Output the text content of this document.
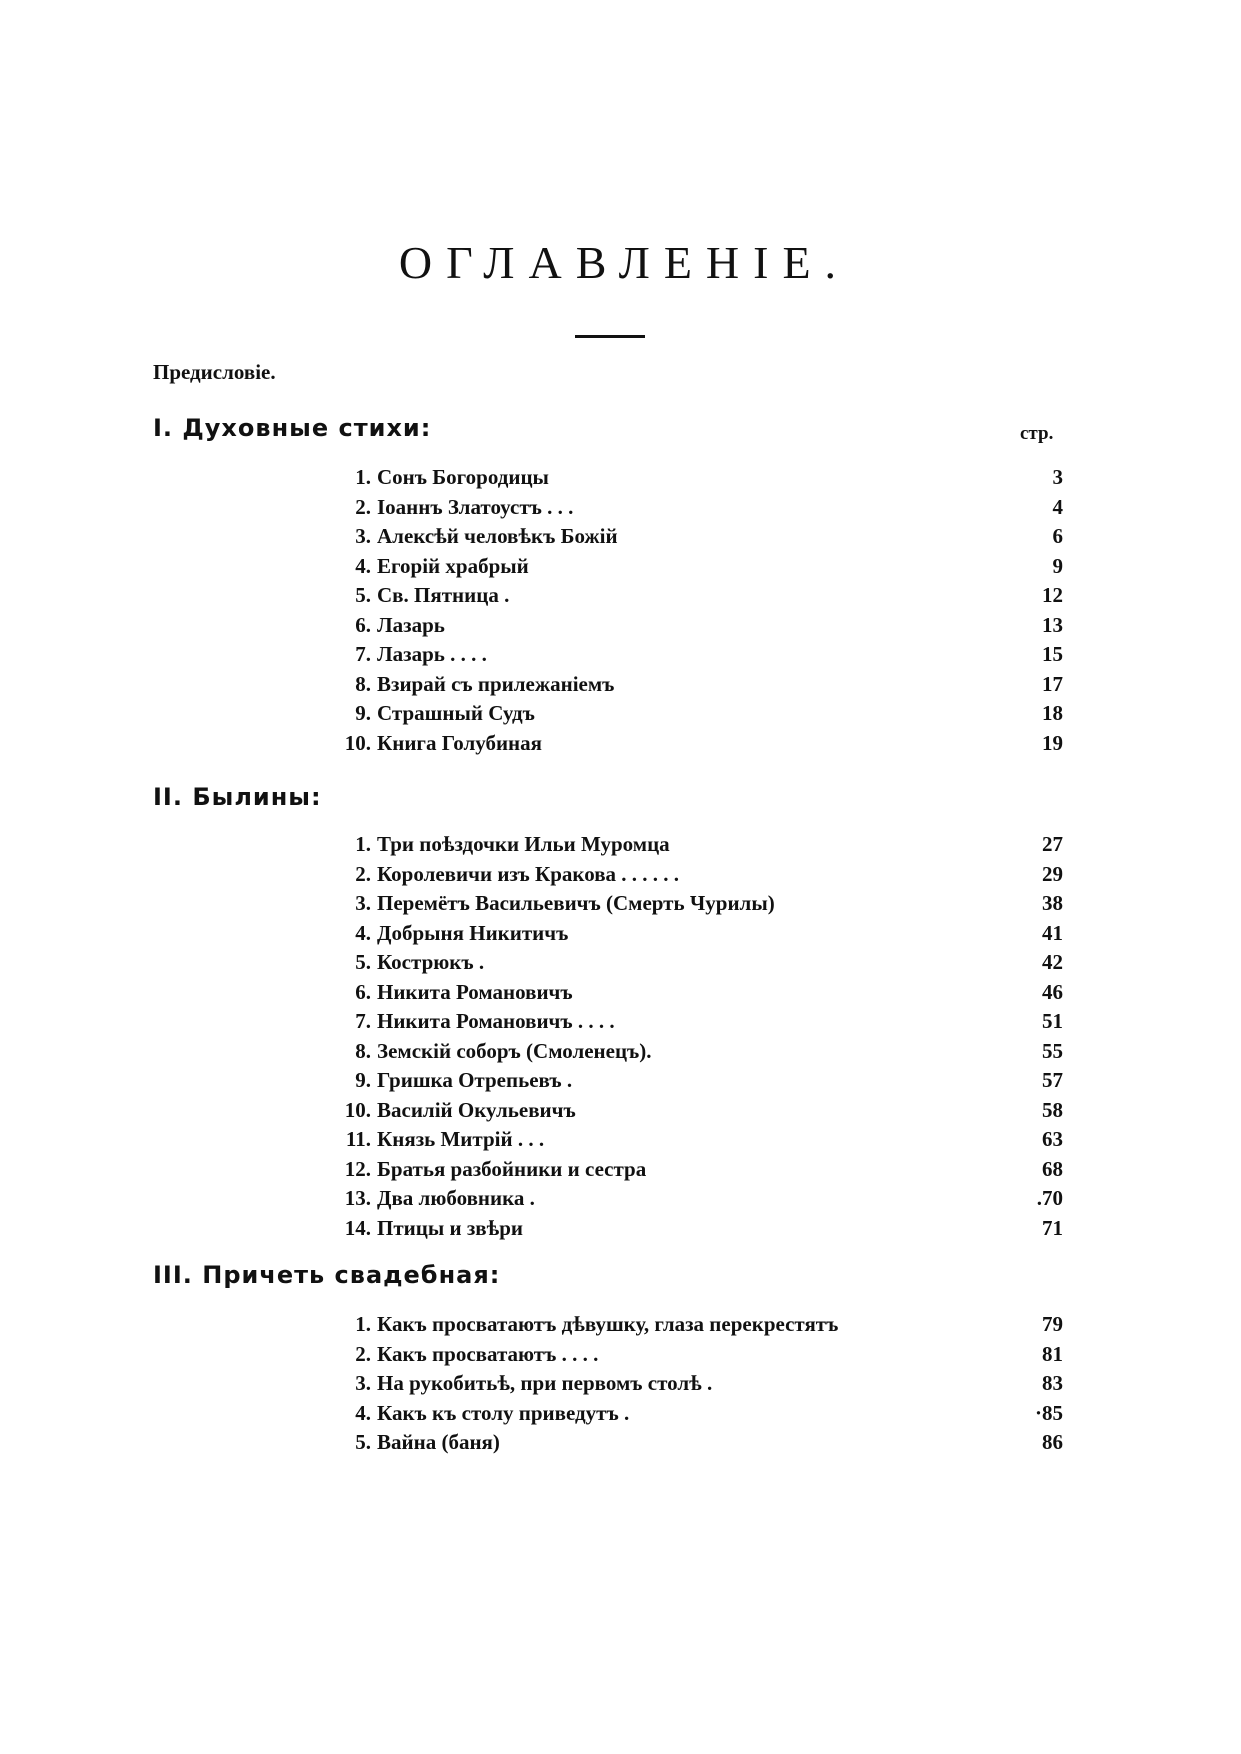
ОГЛАВЛЕНІЕ.
Предисловіе.
I. Духовные стихи:	стр.
1. Сонъ Богородицы	3
2. Іоаннъ Златоустъ . . .	4
3. Алексѣй человѣкъ Божій	6
4. Егорій храбрый	9
5. Св. Пятница .	12
6. Лазарь	13
7. Лазарь . . . .	15
8. Взирай съ прилежаніемъ	17
9. Страшный Судъ	18
10. Книга Голубиная	19
II. Былины:
1. Три поѣздочки Ильи Муромца	27
2. Королевичи изъ Кракова . . . . . .	29
3. Перемётъ Васильевичъ (Смерть Чурилы)	38
4. Добрыня Никитичъ	41
5. Кострюкъ .	42
6. Никита Романовичъ	46
7. Никита Романовичъ . . . .	51
8. Земскій соборъ (Смоленецъ).	55
9. Гришка Отрепьевъ .	57
10. Василій Окульевичъ	58
11. Князь Митрій . . .	63
12. Братья разбойники и сестра	68
13. Два любовника .	.70
14. Птицы и звѣри	71
III. Причеть свадебная:
1. Какъ просватаютъ дѣвушку, глаза перекрестятъ	79
2. Какъ просватаютъ . . . .	81
3. На рукобитьѣ, при первомъ столѣ .	83
4. Какъ къ столу приведутъ .	·85
5. Вайна (баня)	86
